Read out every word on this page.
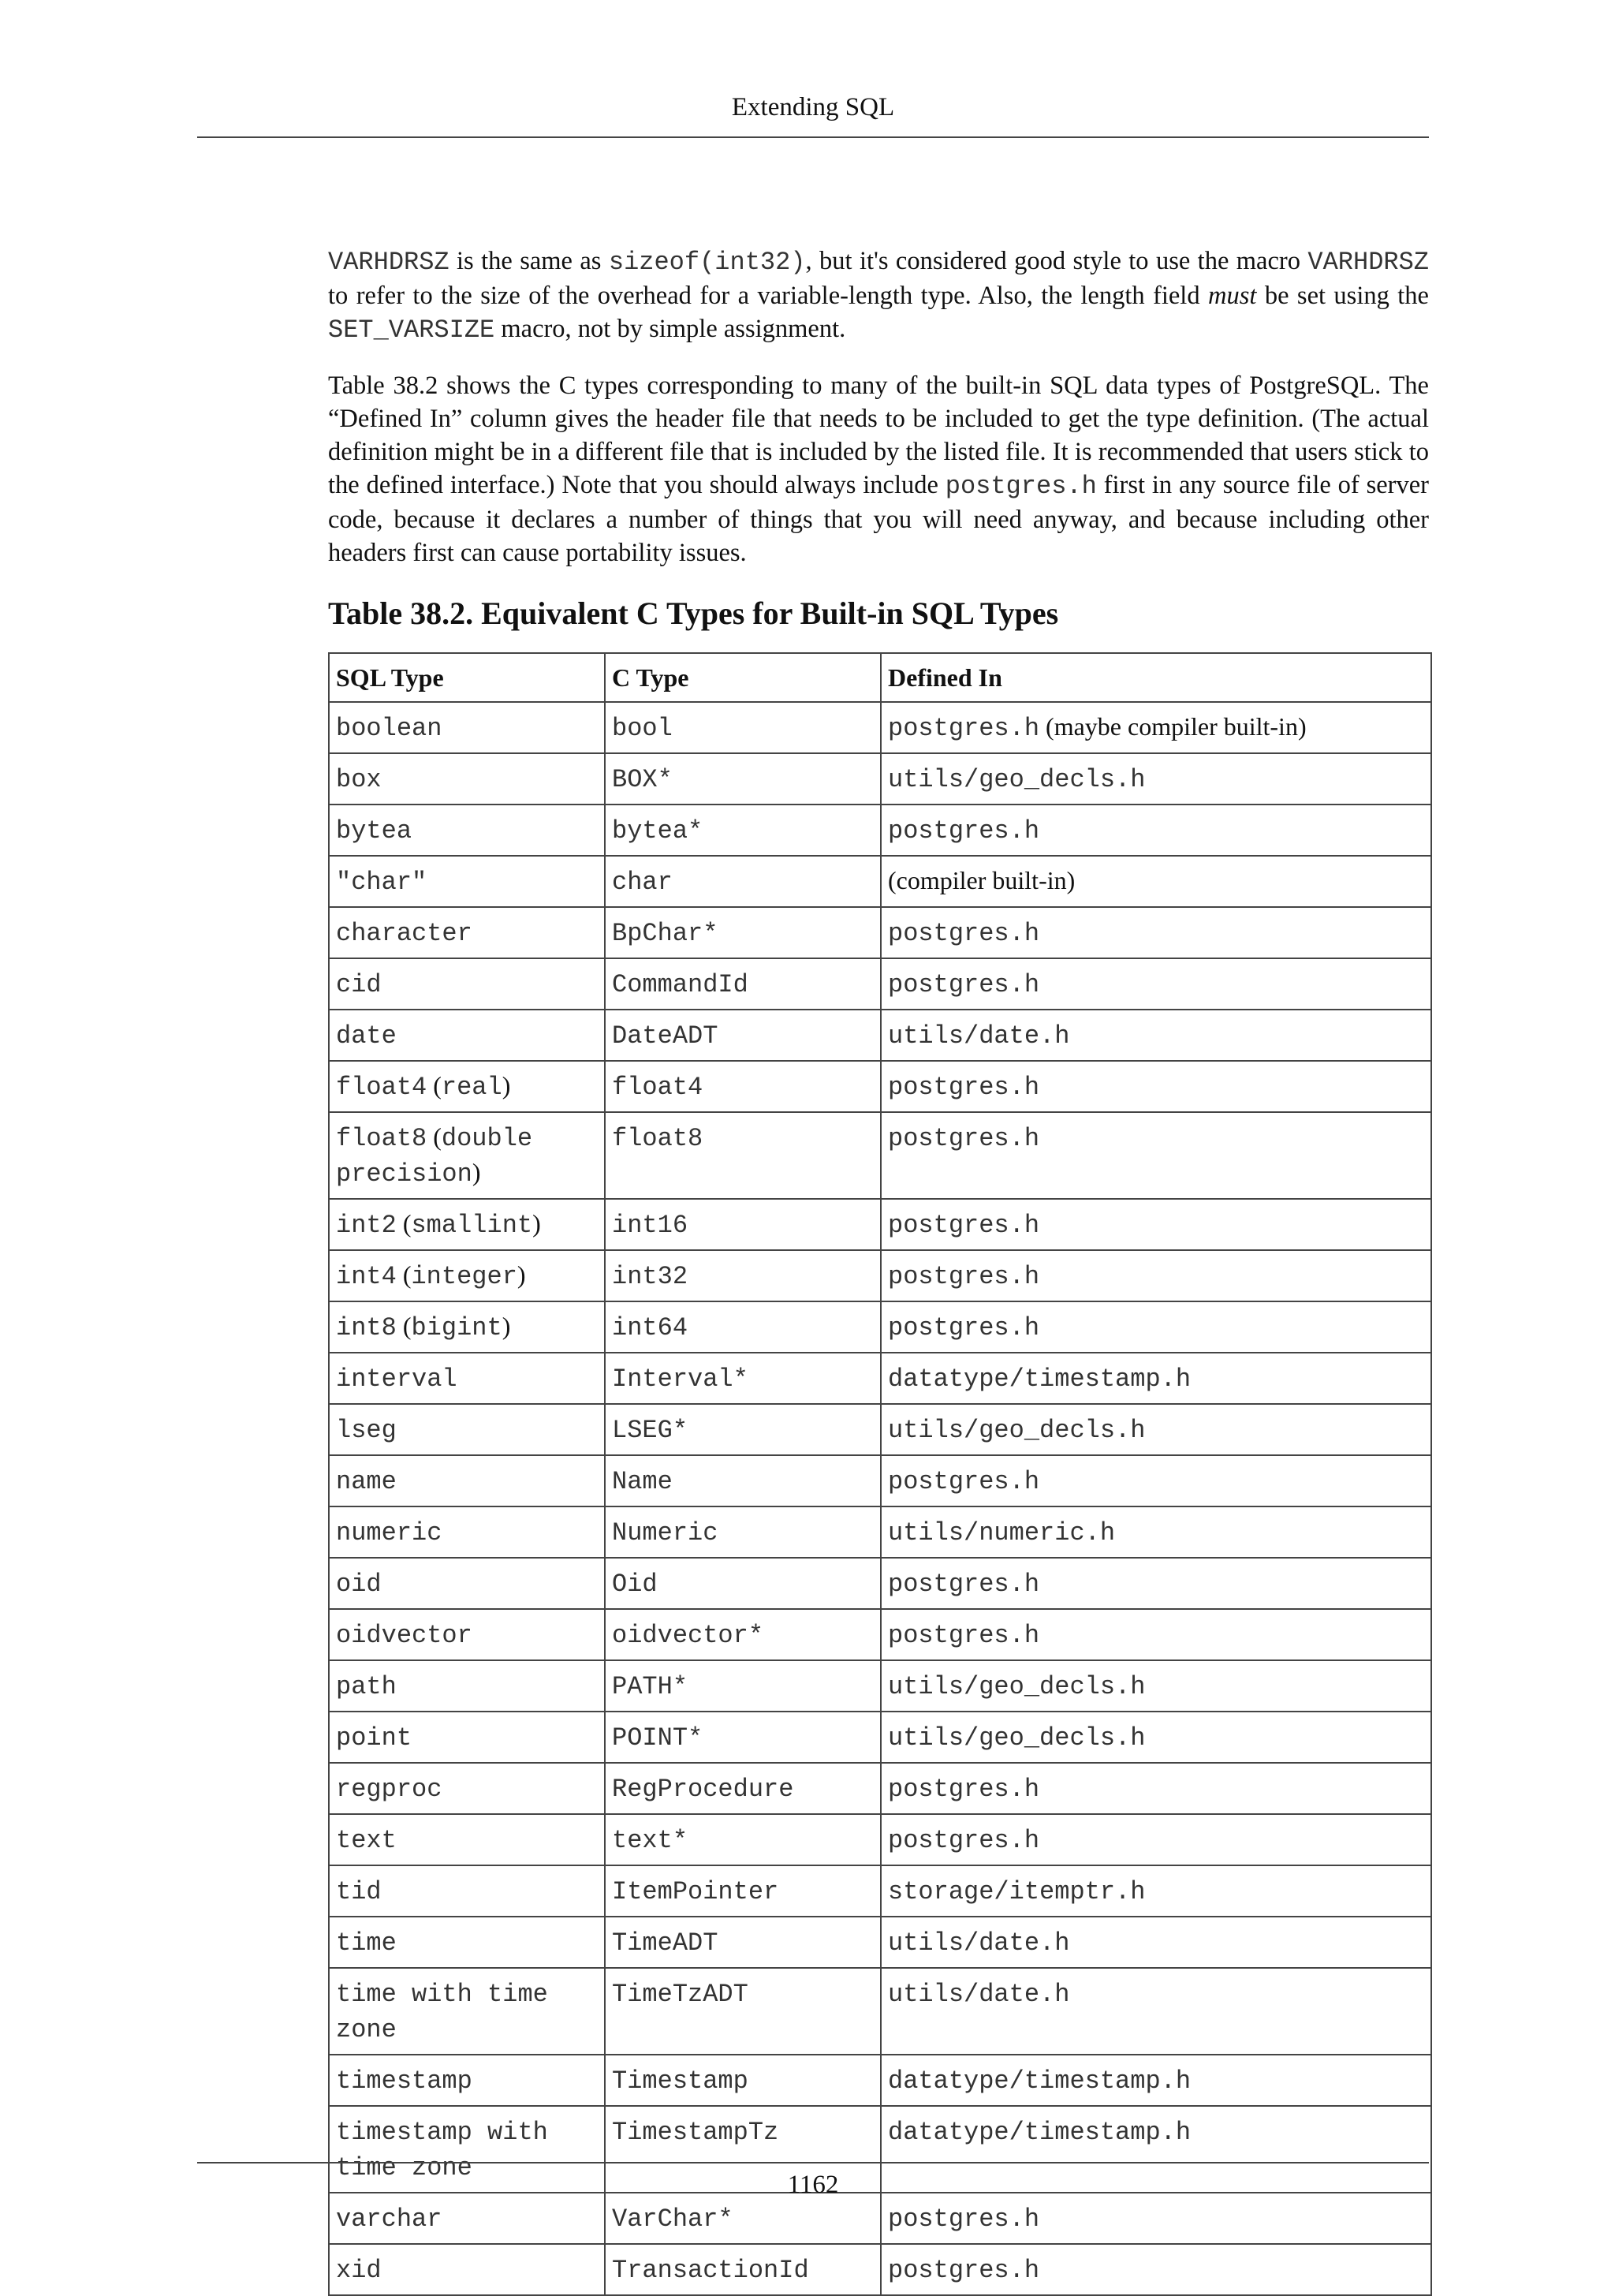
Extending SQL

VARHDRSZ is the same as sizeof(int32), but it's considered good style to use the macro VARHDRSZ to refer to the size of the overhead for a variable-length type. Also, the length field must be set using the SET_VARSIZE macro, not by simple assignment.

Table 38.2 shows the C types corresponding to many of the built-in SQL data types of PostgreSQL. The “Defined In” column gives the header file that needs to be included to get the type definition. (The actual definition might be in a different file that is included by the listed file. It is recommended that users stick to the defined interface.) Note that you should always include postgres.h first in any source file of server code, because it declares a number of things that you will need anyway, and because including other headers first can cause portability issues.

Table 38.2. Equivalent C Types for Built-in SQL Types
SQL Type	C Type	Defined In
boolean	bool	postgres.h (maybe compiler built-in)
box	BOX*	utils/geo_decls.h
bytea	bytea*	postgres.h
"char"	char	(compiler built-in)
character	BpChar*	postgres.h
cid	CommandId	postgres.h
date	DateADT	utils/date.h
float4 (real)	float4	postgres.h
float8 (double precision)	float8	postgres.h
int2 (smallint)	int16	postgres.h
int4 (integer)	int32	postgres.h
int8 (bigint)	int64	postgres.h
interval	Interval*	datatype/timestamp.h
lseg	LSEG*	utils/geo_decls.h
name	Name	postgres.h
numeric	Numeric	utils/numeric.h
oid	Oid	postgres.h
oidvector	oidvector*	postgres.h
path	PATH*	utils/geo_decls.h
point	POINT*	utils/geo_decls.h
regproc	RegProcedure	postgres.h
text	text*	postgres.h
tid	ItemPointer	storage/itemptr.h
time	TimeADT	utils/date.h
time with time zone	TimeTzADT	utils/date.h
timestamp	Timestamp	datatype/timestamp.h
timestamp with time zone	TimestampTz	datatype/timestamp.h
varchar	VarChar*	postgres.h
xid	TransactionId	postgres.h
1162
